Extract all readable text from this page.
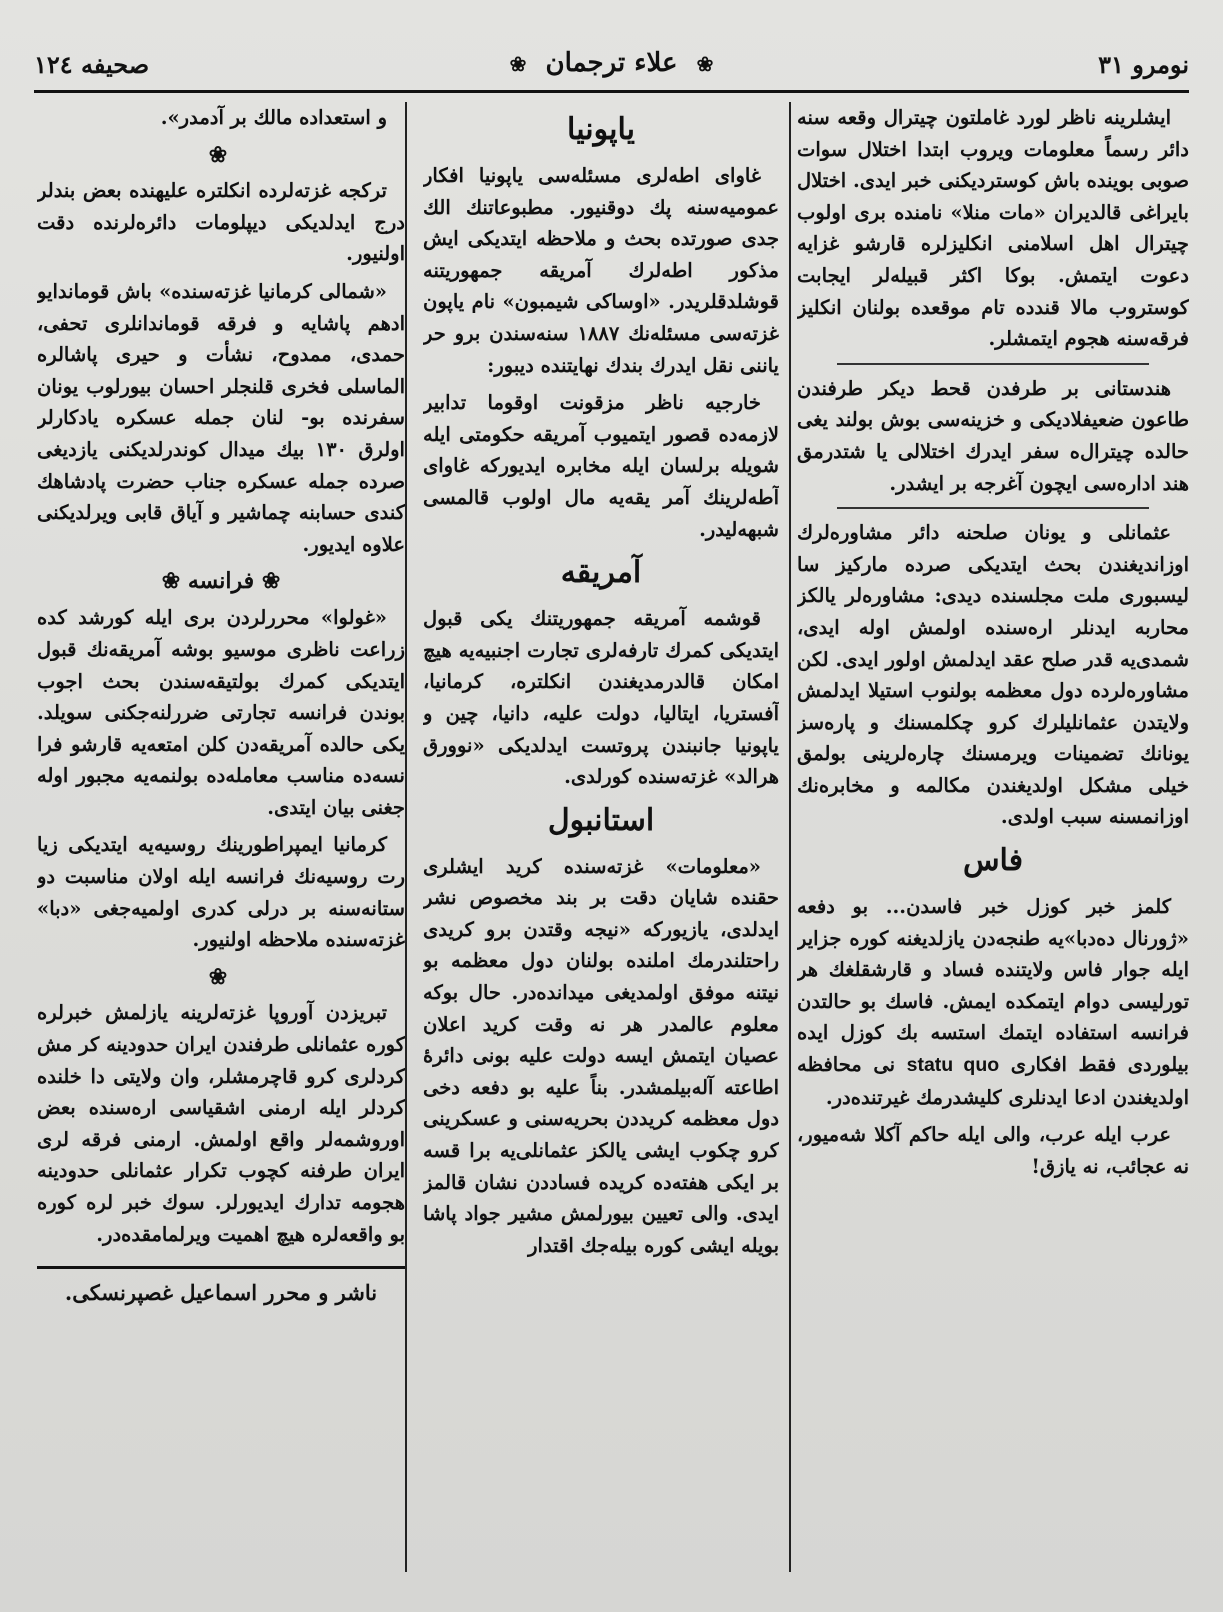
نومرو ۳۱
❀ علاء ترجمان ❀
صحیفه ۱۲٤

ایشلرینه ناظر لورد غاملتون چیترال وقعه سنه دائر رسماً معلومات ویروب ابتدا اختلال سوات صوبی بوینده باش کوستردیکنی خبر ایدی. اختلال بایراغی قالدیران «مات منلا» نامنده بری اولوب چیترال اهل اسلامنی انکلیزلره قارشو غزایه دعوت ایتمش. بوکا اکثر قبیله‌لر ایجابت کوستروب مالا قندده تام موقعده بولنان انکلیز فرقه‌سنه هجوم ایتمشلر.

هندستانی بر طرفدن قحط دیکر طرفندن طاعون ضعیفلادیکی و خزینه‌سی بوش بولند یغی حالده چیترال‌ه سفر ایدرك اختلالی یا شتدرمق هند اداره‌سی ایچون آغرجه بر ایشدر.

عثمانلی و یونان صلحنه دائر مشاوره‌لرك اوزاندیغندن بحث ایتدیکی صرده مارکیز سا لیسبوری ملت مجلسنده دیدی: مشاوره‌لر یالکز محاربه ایدنلر اره‌سنده اولمش اوله ایدی، شمدی‌یه قدر صلح عقد ایدلمش اولور ایدی. لکن مشاوره‌لرده دول معظمه بولنوب استیلا ایدلمش ولایتدن عثمانلیلرك کرو چکلمسنك و پاره‌سز یونانك تضمینات ویرمسنك چاره‌لرینی بولمق خیلی مشکل اولدیغندن مکالمه و مخابره‌نك اوزانمسنه سبب اولدی.

فاس

کلمز خبر کوزل خبر فاسدن... بو دفعه «ژورنال ده‌دبا»‌یه طنجه‌دن یازلدیغنه کوره جزایر ایله جوار فاس ولایتنده فساد و قارشقلغك هر تورلیسی دوام ایتمکده ایمش. فاسك بو حالتدن فرانسه استفاده ایتمك استسه بك کوزل ایده بیلوردی فقط افکاری statu quo نی محافظه اولدیغندن ادعا ایدنلری کلیشدرمك غیرتنده‌در.

عرب ایله عرب، والی ایله حاکم آکلا شه‌میور، نه عجائب، نه یازق!

یاپونیا

غاوای اطه‌لری مسئله‌سی یاپونیا افکار عمومیه‌سنه پك دوقنیور. مطبوعاتنك الك جدی صورتده بحث و ملاحظه ایتدیکی ایش مذکور اطه‌لرك آمریقه جمهوریتنه قوشلدقلریدر. «اوساکی شیمبون» نام یاپون غزته‌سی مسئله‌نك ۱۸۸۷ سنه‌سندن برو حر یاننی نقل ایدرك بندك نهایتنده دیبور:

خارجیه ناظر مزقونت اوقوما تدابیر لازمه‌ده قصور ایتمیوب آمریقه حکومتی ایله شویله برلسان ایله مخابره ایدیورکه غاوای آطه‌لرینك آمر یقه‌یه مال اولوب قالمسی شبهه‌لیدر.

آمریقه

قوشمه آمریقه جمهوریتنك یکی قبول ایتدیکی کمرك تارفه‌لری تجارت اجنبیه‌یه هیچ امکان قالدرمدیغندن انکلتره، کرمانیا، آفستریا، ایتالیا، دولت علیه، دانیا، چین و یاپونیا جانبندن پروتست ایدلدیکی «نوورق هرالد» غزته‌سنده کورلدی.

استانبول

«معلومات» غزته‌سنده کرید ایشلری حقنده شایان دقت بر بند مخصوص نشر ایدلدی، یازیورکه «نیجه وقتدن برو کریدی راحتلندرمك املنده بولنان دول معظمه بو نیتنه موفق اولمدیغی میدانده‌در. حال بوکه معلوم عالمدر هر نه وقت کرید اعلان عصیان ایتمش ایسه دولت علیه بونی دائرهٔ اطاعته آله‌بیلمشدر. بناً علیه بو دفعه دخی دول معظمه کریددن بحریه‌سنی و عسکرینی کرو چکوب ایشی یالکز عثمانلی‌یه برا قسه بر ایکی هفته‌ده کریده فساددن نشان قالمز ایدی. والی تعیین بیورلمش مشیر جواد پاشا بویله ایشی کوره بیله‌جك اقتدار

و استعداده مالك بر آدمدر».

❀

ترکجه غزته‌لرده انکلتره علیهنده بعض بندلر درج ایدلدیکی دیپلومات دائره‌لرنده دقت اولنیور.

«شمالی کرمانیا غزته‌سنده» باش قوماندایو ادهم پاشایه و فرقه قوماندانلری تحفی، حمدی، ممدوح، نشأت و حیری پاشالره الماسلی فخری قلنجلر احسان بیورلوب یونان سفرنده بو- لنان جمله عسکره یادکارلر اولرق ۱۳۰ بیك میدال کوندرلدیکنی یازدیغی صرده جمله عسکره جناب حضرت پادشاهك کندی حسابنه چماشیر و آیاق قابی ویرلدیکنی علاوه ایدیور.

❀ فرانسه ❀

«غولوا» محررلردن بری ایله کورشد کده زراعت ناظری موسیو بوشه آمریقه‌نك قبول ایتدیکی کمرك بولتیقه‌سندن بحث اجوب بوندن فرانسه تجارتی ضررلنه‌جکنی سویلد. یکی حالده آمریقه‌دن کلن امتعه‌یه قارشو فرا نسه‌ده مناسب معامله‌ده بولنمه‌یه مجبور اوله جغنی بیان ایتدی.

کرمانیا ایمپراطورینك روسیه‌یه ایتدیکی زیا رت روسیه‌نك فرانسه ایله اولان مناسبت دو ستانه‌سنه بر درلی کدری اولمیه‌جغی «دبا» غزته‌سنده ملاحظه اولنیور.

❀

تبریزدن آوروپا غزته‌لرینه یازلمش خبرلره کوره عثمانلی طرفندن ایران حدودینه کر مش کردلری کرو قاچرمشلر، وان ولایتی دا خلنده کردلر ایله ارمنی اشقیاسی اره‌سنده بعض اوروشمه‌لر واقع اولمش. ارمنی فرقه‌ لری ایران طرفنه کچوب تکرار عثمانلی حدودینه هجومه تدارك ایدیورلر. سوك خبر لره کوره بو واقعه‌لره هیچ اهمیت ویرلمامقده‌در.

ناشر و محرر اسماعیل غصپرنسکی.
